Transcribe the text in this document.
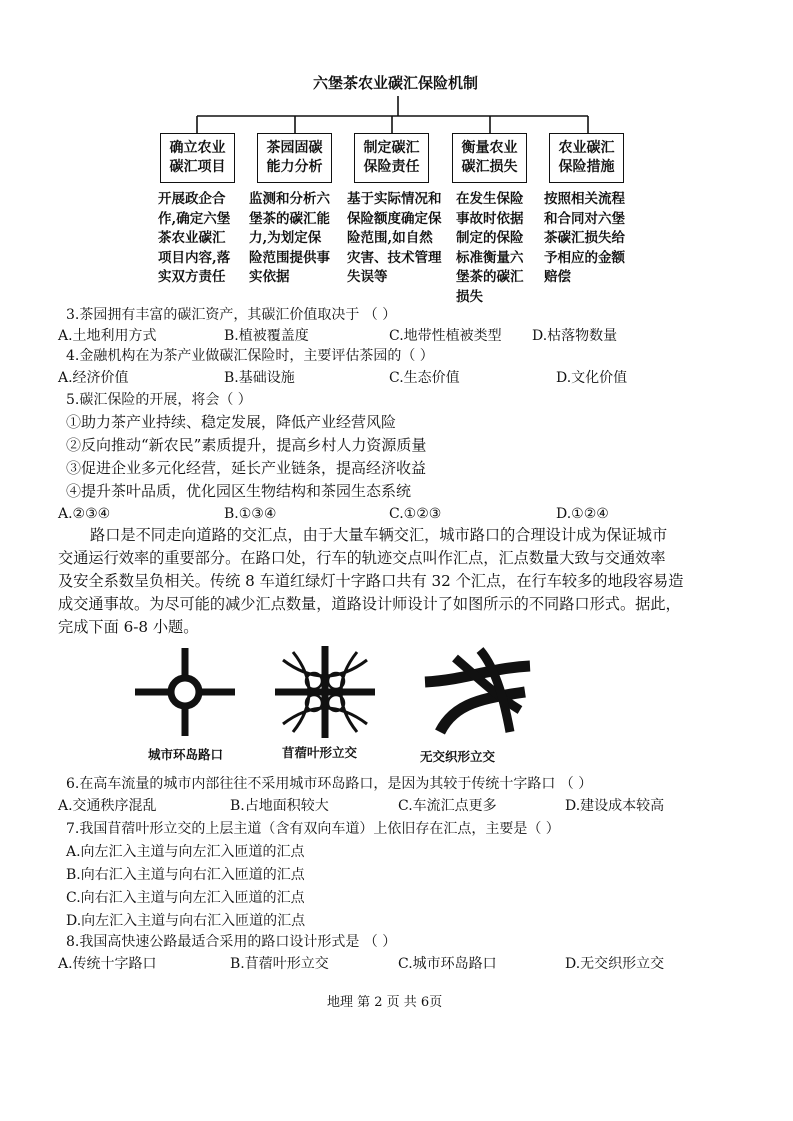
六堡茶农业碳汇保险机制
确立农业
碳汇项目
茶园固碳
能力分析
制定碳汇
保险责任
衡量农业
碳汇损失
农业碳汇
保险措施
开展政企合
作,确定六堡
茶农业碳汇
项目内容,落
实双方责任
监测和分析六
堡茶的碳汇能
力,为划定保
险范围提供事
实依据
基于实际情况和
保险额度确定保
险范围,如自然
灾害、技术管理
失误等
在发生保险
事故时依据
制定的保险
标准衡量六
堡茶的碳汇
损失
按照相关流程
和合同对六堡
茶碳汇损失给
予相应的金额
赔偿
3.茶园拥有丰富的碳汇资产，其碳汇价值取决于 （ ）
A.土地利用方式	B.植被覆盖度	C.地带性植被类型 D.枯落物数量
4.金融机构在为茶产业做碳汇保险时，主要评估茶园的（ ）
A.经济价值	B.基础设施	C.生态价值	D.文化价值
5.碳汇保险的开展，将会（ ）
①助力茶产业持续、稳定发展，降低产业经营风险
②反向推动“新农民”素质提升，提高乡村人力资源质量
③促进企业多元化经营，延长产业链条，提高经济收益
④提升茶叶品质，优化园区生物结构和茶园生态系统
A.②③④	B.①③④	C.①②③	D.①②④
路口是不同走向道路的交汇点，由于大量车辆交汇，城市路口的合理设计成为保证城市
交通运行效率的重要部分。在路口处，行车的轨迹交点叫作汇点，汇点数量大致与交通效率
及安全系数呈负相关。传统 8 车道红绿灯十字路口共有 32 个汇点，在行车较多的地段容易造
成交通事故。为尽可能的减少汇点数量，道路设计师设计了如图所示的不同路口形式。据此，
完成下面 6-8 小题。
城市环岛路口	苜蓿叶形立交	无交织形立交
6.在高车流量的城市内部往往不采用城市环岛路口，是因为其较于传统十字路口 （ ）
A.交通秩序混乱	B.占地面积较大	C.车流汇点更多	D.建设成本较高
7.我国苜蓿叶形立交的上层主道（含有双向车道）上依旧存在汇点，主要是（ ）
A.向左汇入主道与向左汇入匝道的汇点
B.向右汇入主道与向右汇入匝道的汇点
C.向右汇入主道与向左汇入匝道的汇点
D.向左汇入主道与向右汇入匝道的汇点
8.我国高快速公路最适合采用的路口设计形式是 （ ）
A.传统十字路口	B.苜蓿叶形立交	C.城市环岛路口	D.无交织形立交
地理 第 2 页 共 6页
